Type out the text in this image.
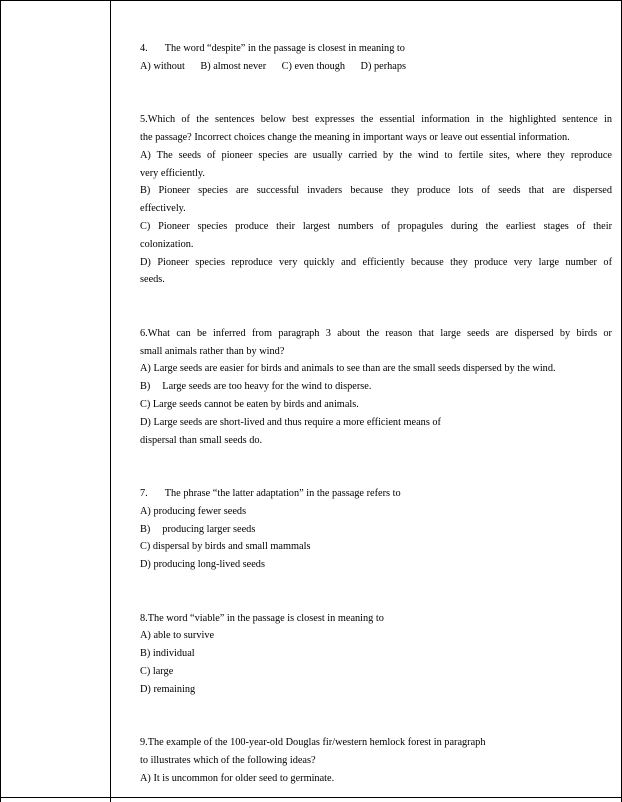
4. The word “despite” in the passage is closest in meaning to
A) without B) almost never C) even though D) perhaps
5.Which of the sentences below best expresses the essential information in the highlighted sentence in
the passage? Incorrect choices change the meaning in important ways or leave out essential information.
A) The seeds of pioneer species are usually carried by the wind to fertile sites, where they reproduce
very efficiently.
B) Pioneer species are successful invaders because they produce lots of seeds that are dispersed
effectively.
C) Pioneer species produce their largest numbers of propagules during the earliest stages of their
colonization.
D) Pioneer species reproduce very quickly and efficiently because they produce very large number of
seeds.
6.What can be inferred from paragraph 3 about the reason that large seeds are dispersed by birds or
small animals rather than by wind?
A) Large seeds are easier for birds and animals to see than are the small seeds dispersed by the wind.
B) Large seeds are too heavy for the wind to disperse.
C) Large seeds cannot be eaten by birds and animals.
D) Large seeds are short-lived and thus require a more efficient means of
dispersal than small seeds do.
7. The phrase “the latter adaptation” in the passage refers to
A) producing fewer seeds
B) producing larger seeds
C) dispersal by birds and small mammals
D) producing long-lived seeds
8.The word “viable” in the passage is closest in meaning to
A) able to survive
B) individual
C) large
D) remaining
9.The example of the 100-year-old Douglas fir/western hemlock forest in paragraph
to illustrates which of the following ideas?
A) It is uncommon for older seed to germinate.
